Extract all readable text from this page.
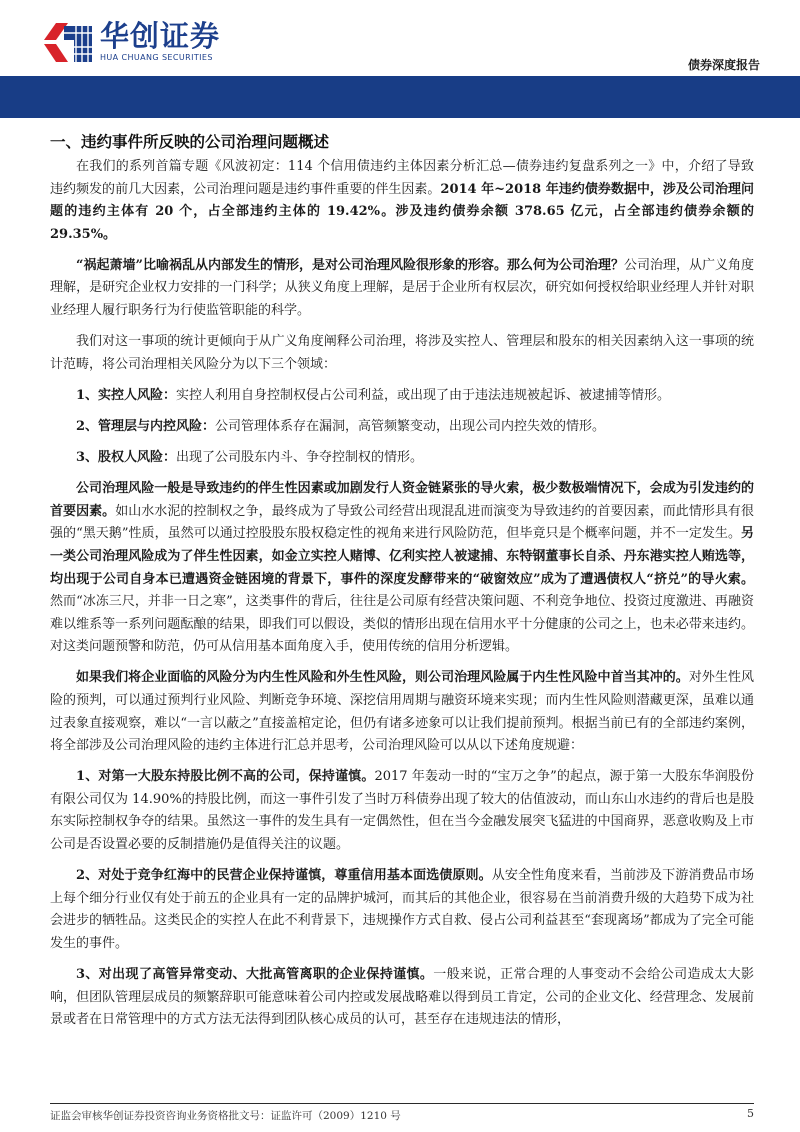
华创证券
HUA CHUANG SECURITIES
债券深度报告
一、违约事件所反映的公司治理问题概述

在我们的系列首篇专题《风波初定：114 个信用债违约主体因素分析汇总—债券违约复盘系列之一》中，介绍了导致违约频发的前几大因素，公司治理问题是违约事件重要的伴生因素。2014 年~2018 年违约债券数据中，涉及公司治理问题的违约主体有 20 个，占全部违约主体的 19.42%。涉及违约债券余额 378.65 亿元，占全部违约债券余额的 29.35%。

“祸起萧墙”比喻祸乱从内部发生的情形，是对公司治理风险很形象的形容。那么何为公司治理？公司治理，从广义角度理解，是研究企业权力安排的一门科学；从狭义角度上理解，是居于企业所有权层次，研究如何授权给职业经理人并针对职业经理人履行职务行为行使监管职能的科学。

我们对这一事项的统计更倾向于从广义角度阐释公司治理，将涉及实控人、管理层和股东的相关因素纳入这一事项的统计范畴，将公司治理相关风险分为以下三个领域：

1、实控人风险：实控人利用自身控制权侵占公司利益，或出现了由于违法违规被起诉、被逮捕等情形。

2、管理层与内控风险：公司管理体系存在漏洞，高管频繁变动，出现公司内控失效的情形。

3、股权人风险：出现了公司股东内斗、争夺控制权的情形。

公司治理风险一般是导致违约的伴生性因素或加剧发行人资金链紧张的导火索，极少数极端情况下，会成为引发违约的首要因素。如山水水泥的控制权之争，最终成为了导致公司经营出现混乱进而演变为导致违约的首要因素，而此情形具有很强的“黑天鹅”性质，虽然可以通过控股股东股权稳定性的视角来进行风险防范，但毕竟只是个概率问题，并不一定发生。另一类公司治理风险成为了伴生性因素，如金立实控人赌博、亿利实控人被逮捕、东特钢董事长自杀、丹东港实控人贿选等，均出现于公司自身本已遭遇资金链困境的背景下，事件的深度发酵带来的“破窗效应”成为了遭遇债权人“挤兑”的导火索。然而“冰冻三尺，并非一日之寒”，这类事件的背后，往往是公司原有经营决策问题、不利竞争地位、投资过度激进、再融资难以维系等一系列问题酝酿的结果，即我们可以假设，类似的情形出现在信用水平十分健康的公司之上，也未必带来违约。对这类问题预警和防范，仍可从信用基本面角度入手，使用传统的信用分析逻辑。

如果我们将企业面临的风险分为内生性风险和外生性风险，则公司治理风险属于内生性风险中首当其冲的。对外生性风险的预判，可以通过预判行业风险、判断竞争环境、深挖信用周期与融资环境来实现；而内生性风险则潜藏更深，虽难以通过表象直接观察，难以“一言以蔽之”直接盖棺定论，但仍有诸多迹象可以让我们提前预判。根据当前已有的全部违约案例，将全部涉及公司治理风险的违约主体进行汇总并思考，公司治理风险可以从以下述角度规避：

1、对第一大股东持股比例不高的公司，保持谨慎。2017 年轰动一时的“宝万之争”的起点，源于第一大股东华润股份有限公司仅为 14.90%的持股比例，而这一事件引发了当时万科债券出现了较大的估值波动，而山东山水违约的背后也是股东实际控制权争夺的结果。虽然这一事件的发生具有一定偶然性，但在当今金融发展突飞猛进的中国商界，恶意收购及上市公司是否设置必要的反制措施仍是值得关注的议题。

2、对处于竞争红海中的民营企业保持谨慎，尊重信用基本面选债原则。从安全性角度来看，当前涉及下游消费品市场上每个细分行业仅有处于前五的企业具有一定的品牌护城河，而其后的其他企业，很容易在当前消费升级的大趋势下成为社会进步的牺牲品。这类民企的实控人在此不利背景下，违规操作方式自救、侵占公司利益甚至“套现离场”都成为了完全可能发生的事件。

3、对出现了高管异常变动、大批高管离职的企业保持谨慎。一般来说，正常合理的人事变动不会给公司造成太大影响，但团队管理层成员的频繁辞职可能意味着公司内控或发展战略难以得到员工肯定，公司的企业文化、经营理念、发展前景或者在日常管理中的方式方法无法得到团队核心成员的认可，甚至存在违规违法的情形，

证监会审核华创证券投资咨询业务资格批文号：证监许可（2009）1210 号	5
